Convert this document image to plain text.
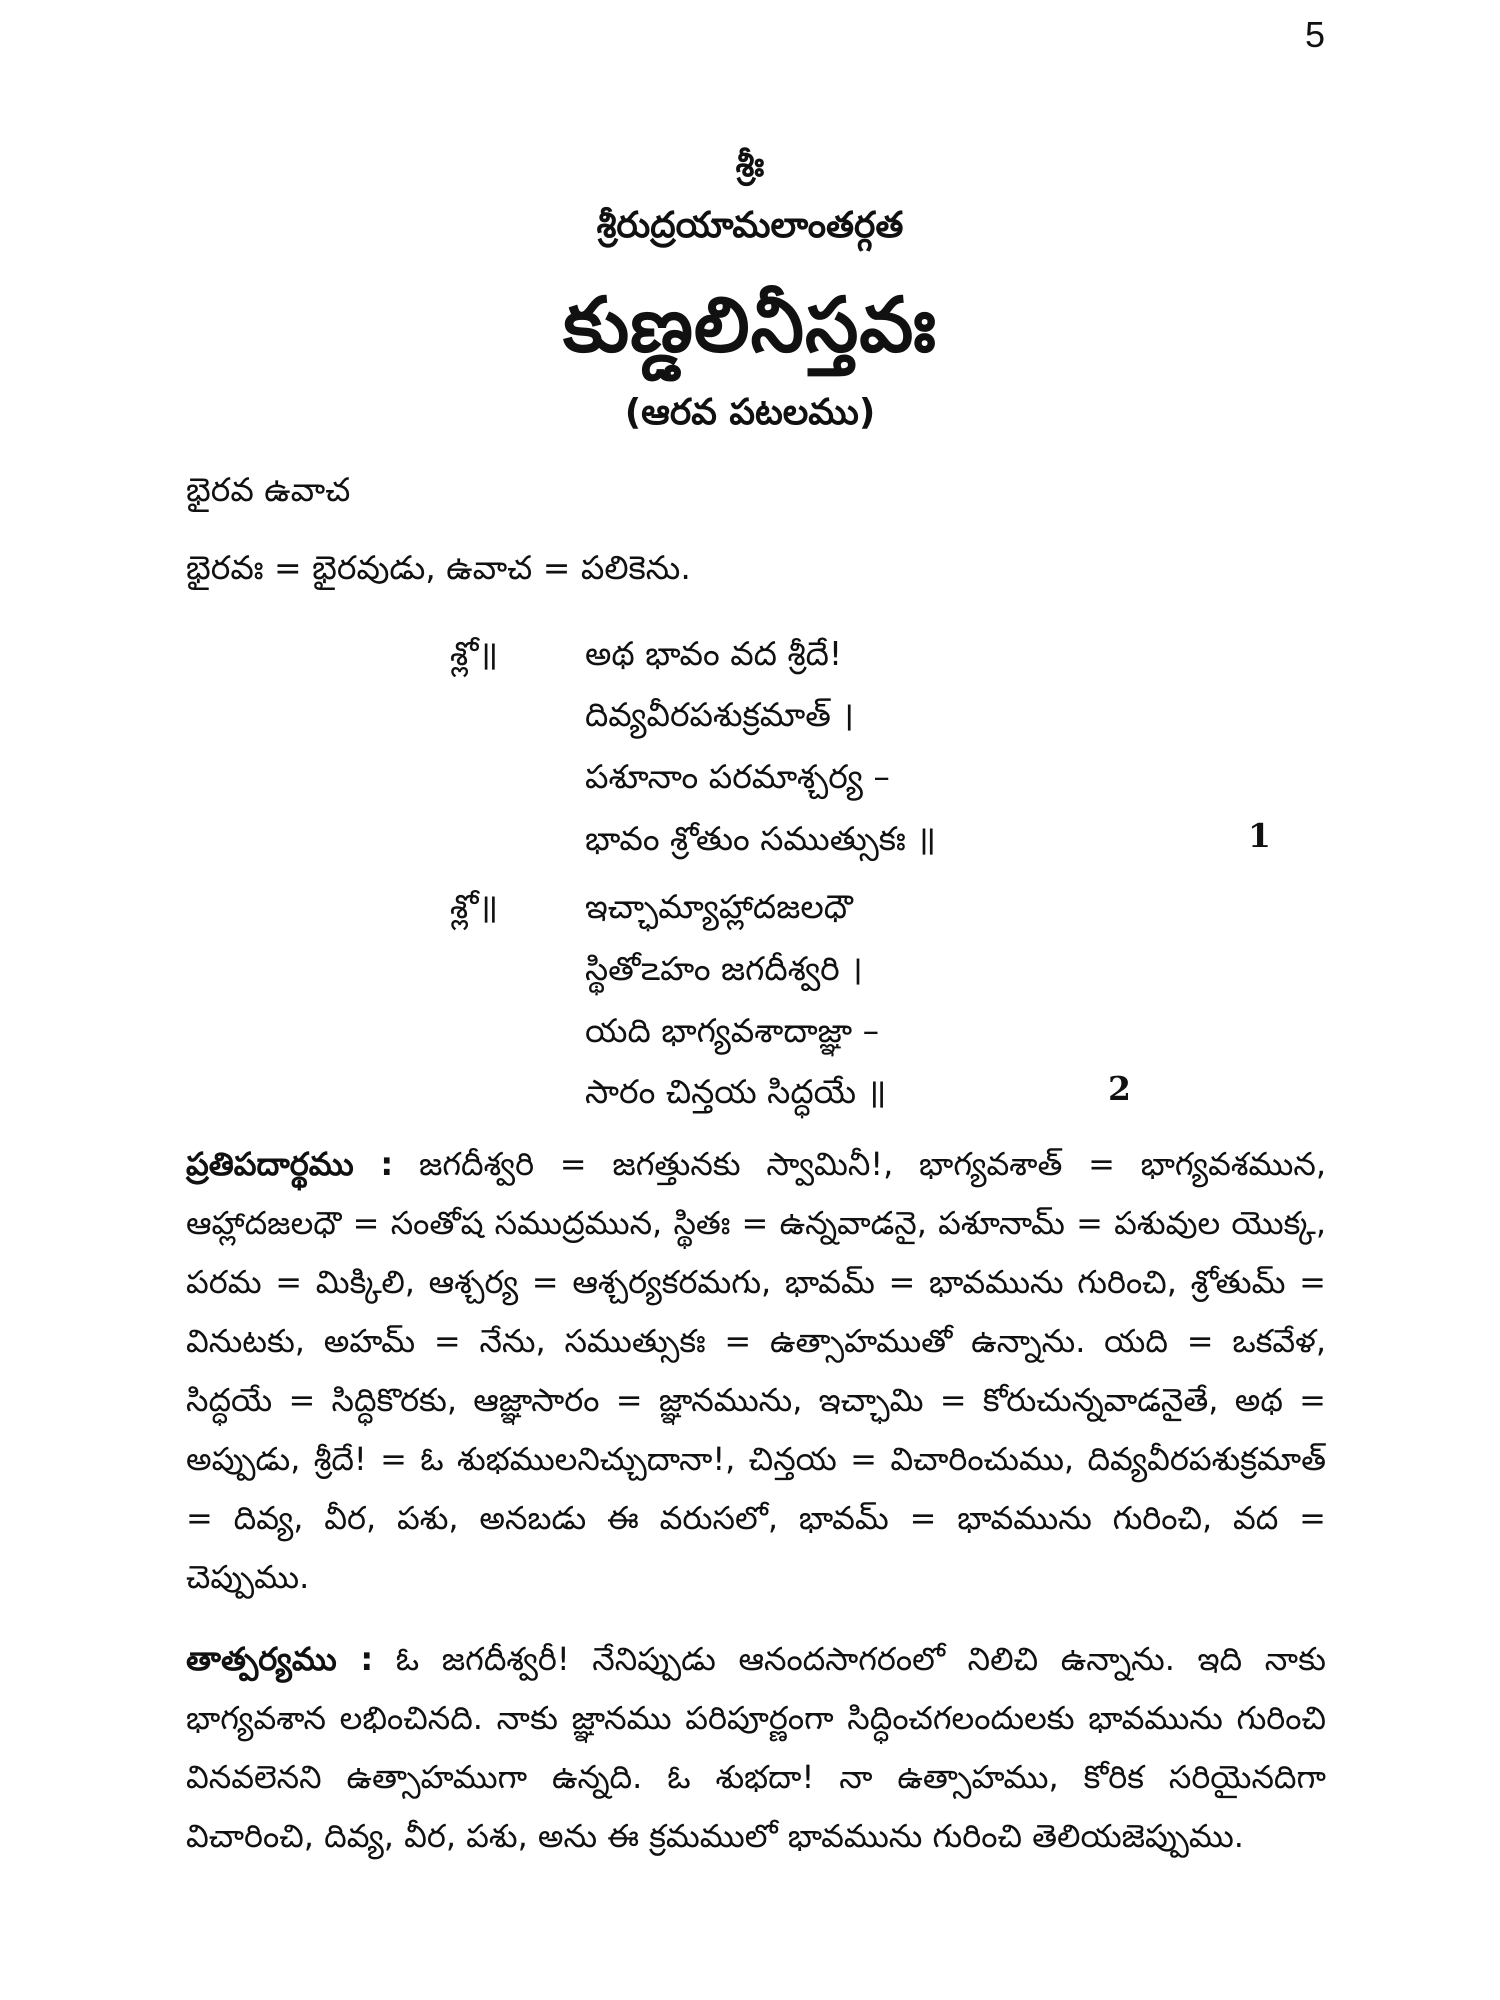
5
శ్రీః
శ్రీరుద్రయామలాంతర్గత
కుణ్డలినీస్తవః
(ఆరవ పటలము)
భైరవ ఉవాచ
భైరవః = భైరవుడు, ఉవాచ = పలికెను.
శ్లో॥	అథ భావం వద శ్రీదే!
దివ్యవీరపశుక్రమాత్ ।
పశూనాం పరమాశ్చర్య –
భావం శ్రోతుం సముత్సుకః ॥	1
శ్లో॥	ఇచ్ఛామ్యాహ్లాదజలధౌ
స్థితో౽హం జగదీశ్వరి ।
యది భాగ్యవశాదాజ్ఞా –
సారం చిన్తయ సిద్ధయే ॥	2

ప్రతిపదార్థము : జగదీశ్వరి = జగత్తునకు స్వామినీ!, భాగ్యవశాత్ = భాగ్యవశమున, ఆహ్లాదజలధౌ = సంతోష సముద్రమున, స్థితః = ఉన్నవాడనై, పశూనామ్ = పశువుల యొక్క, పరమ = మిక్కిలి, ఆశ్చర్య = ఆశ్చర్యకరమగు, భావమ్ = భావమును గురించి, శ్రోతుమ్ = వినుటకు, అహమ్ = నేను, సముత్సుకః = ఉత్సాహముతో ఉన్నాను. యది = ఒకవేళ, సిద్ధయే = సిద్ధికొరకు, ఆజ్ఞాసారం = జ్ఞానమును, ఇచ్ఛామి = కోరుచున్నవాడనైతే, అథ = అప్పుడు, శ్రీదే! = ఓ శుభములనిచ్చుదానా!, చిన్తయ = విచారించుము, దివ్యవీరపశుక్రమాత్ = దివ్య, వీర, పశు, అనబడు ఈ వరుసలో, భావమ్ = భావమును గురించి, వద = చెప్పుము.

తాత్పర్యము : ఓ జగదీశ్వరీ! నేనిప్పుడు ఆనందసాగరంలో నిలిచి ఉన్నాను. ఇది నాకు భాగ్యవశాన లభించినది. నాకు జ్ఞానము పరిపూర్ణంగా సిద్ధించగలందులకు భావమును గురించి వినవలెనని ఉత్సాహముగా ఉన్నది. ఓ శుభదా! నా ఉత్సాహము, కోరిక సరియైనదిగా విచారించి, దివ్య, వీర, పశు, అను ఈ క్రమములో భావమును గురించి తెలియజెప్పుము.
